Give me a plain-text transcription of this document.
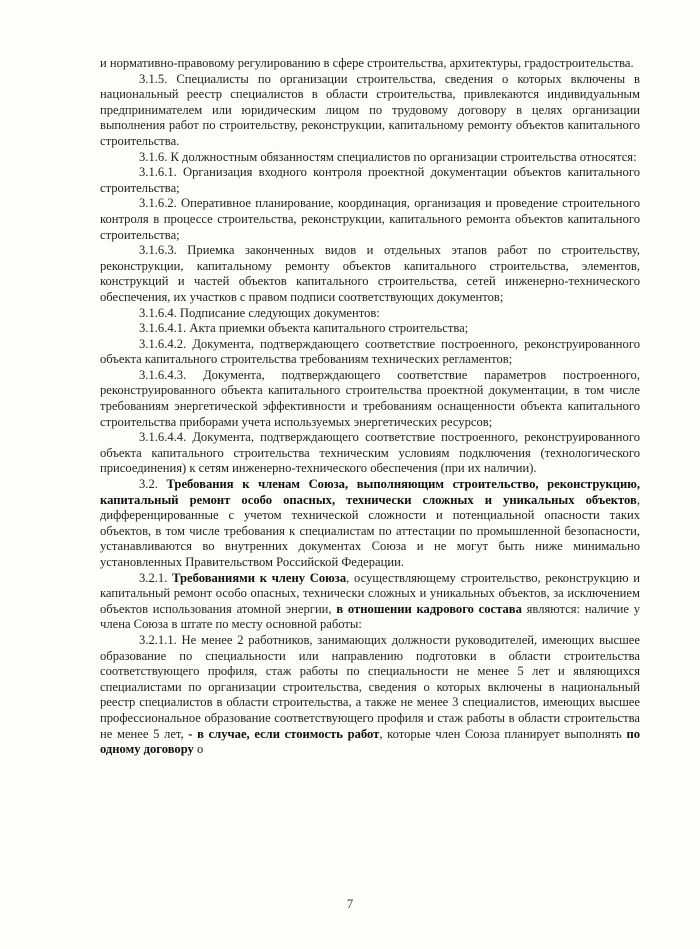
и нормативно-правовому регулированию в сфере строительства, архитектуры, градостроительства.

3.1.5. Специалисты по организации строительства, сведения о которых включены в национальный реестр специалистов в области строительства, привлекаются индивидуальным предпринимателем или юридическим лицом по трудовому договору в целях организации выполнения работ по строительству, реконструкции, капитальному ремонту объектов капитального строительства.

3.1.6. К должностным обязанностям специалистов по организации строительства относятся:

3.1.6.1. Организация входного контроля проектной документации объектов капитального строительства;

3.1.6.2. Оперативное планирование, координация, организация и проведение строительного контроля в процессе строительства, реконструкции, капитального ремонта объектов капитального строительства;

3.1.6.3. Приемка законченных видов и отдельных этапов работ по строительству, реконструкции, капитальному ремонту объектов капитального строительства, элементов, конструкций и частей объектов капитального строительства, сетей инженерно-технического обеспечения, их участков с правом подписи соответствующих документов;

3.1.6.4. Подписание следующих документов:

3.1.6.4.1. Акта приемки объекта капитального строительства;

3.1.6.4.2. Документа, подтверждающего соответствие построенного, реконструированного объекта капитального строительства требованиям технических регламентов;

3.1.6.4.3. Документа, подтверждающего соответствие параметров построенного, реконструированного объекта капитального строительства проектной документации, в том числе требованиям энергетической эффективности и требованиям оснащенности объекта капитального строительства приборами учета используемых энергетических ресурсов;

3.1.6.4.4. Документа, подтверждающего соответствие построенного, реконструированного объекта капитального строительства техническим условиям подключения (технологического присоединения) к сетям инженерно-технического обеспечения (при их наличии).

3.2. Требования к членам Союза, выполняющим строительство, реконструкцию, капитальный ремонт особо опасных, технически сложных и уникальных объектов, дифференцированные с учетом технической сложности и потенциальной опасности таких объектов, в том числе требования к специалистам по аттестации по промышленной безопасности, устанавливаются во внутренних документах Союза и не могут быть ниже минимально установленных Правительством Российской Федерации.

3.2.1. Требованиями к члену Союза, осуществляющему строительство, реконструкцию и капитальный ремонт особо опасных, технически сложных и уникальных объектов, за исключением объектов использования атомной энергии, в отношении кадрового состава являются: наличие у члена Союза в штате по месту основной работы:

3.2.1.1. Не менее 2 работников, занимающих должности руководителей, имеющих высшее образование по специальности или направлению подготовки в области строительства соответствующего профиля, стаж работы по специальности не менее 5 лет и являющихся специалистами по организации строительства, сведения о которых включены в национальный реестр специалистов в области строительства, а также не менее 3 специалистов, имеющих высшее профессиональное образование соответствующего профиля и стаж работы в области строительства не менее 5 лет, - в случае, если стоимость работ, которые член Союза планирует выполнять по одному договору о

7
